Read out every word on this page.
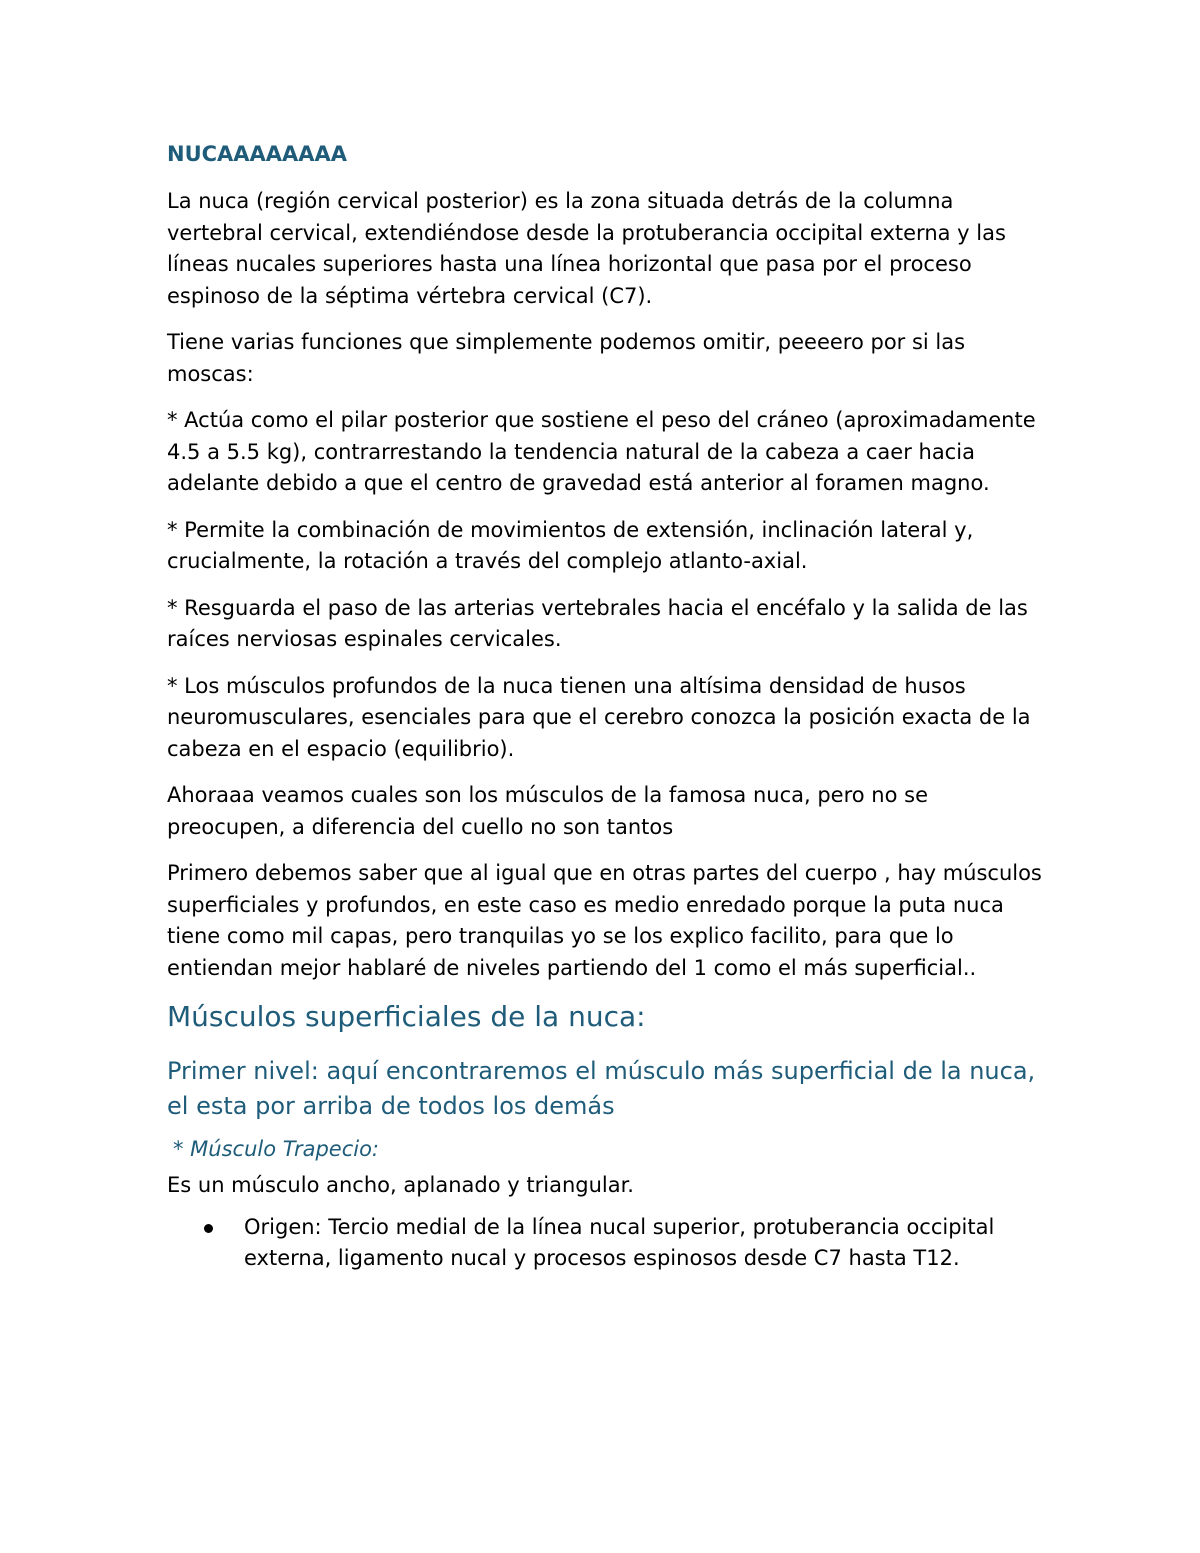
NUCAAAAAAAA

La nuca (región cervical posterior) es la zona situada detrás de la columna vertebral cervical, extendiéndose desde la protuberancia occipital externa y las líneas nucales superiores hasta una línea horizontal que pasa por el proceso espinoso de la séptima vértebra cervical (C7).

Tiene varias funciones que simplemente podemos omitir, peeeero por si las moscas:

* Actúa como el pilar posterior que sostiene el peso del cráneo (aproximadamente 4.5 a 5.5 kg), contrarrestando la tendencia natural de la cabeza a caer hacia adelante debido a que el centro de gravedad está anterior al foramen magno.

* Permite la combinación de movimientos de extensión, inclinación lateral y, crucialmente, la rotación a través del complejo atlanto-axial.

* Resguarda el paso de las arterias vertebrales hacia el encéfalo y la salida de las raíces nerviosas espinales cervicales.

* Los músculos profundos de la nuca tienen una altísima densidad de husos neuromusculares, esenciales para que el cerebro conozca la posición exacta de la cabeza en el espacio (equilibrio).

Ahoraaa veamos cuales son los músculos de la famosa nuca, pero no se preocupen, a diferencia del cuello no son tantos

Primero debemos saber que al igual que en otras partes del cuerpo , hay músculos superficiales y profundos, en este caso es medio enredado porque la puta nuca tiene como mil capas, pero tranquilas yo se los explico facilito, para que lo entiendan mejor hablaré de niveles partiendo del 1 como el más superficial..

Músculos superficiales de la nuca:
Primer nivel: aquí encontraremos el músculo más superficial de la nuca, el esta por arriba de todos los demás
* Músculo Trapecio:

Es un músculo ancho, aplanado y triangular.

Origen: Tercio medial de la línea nucal superior, protuberancia occipital externa, ligamento nucal y procesos espinosos desde C7 hasta T12.
